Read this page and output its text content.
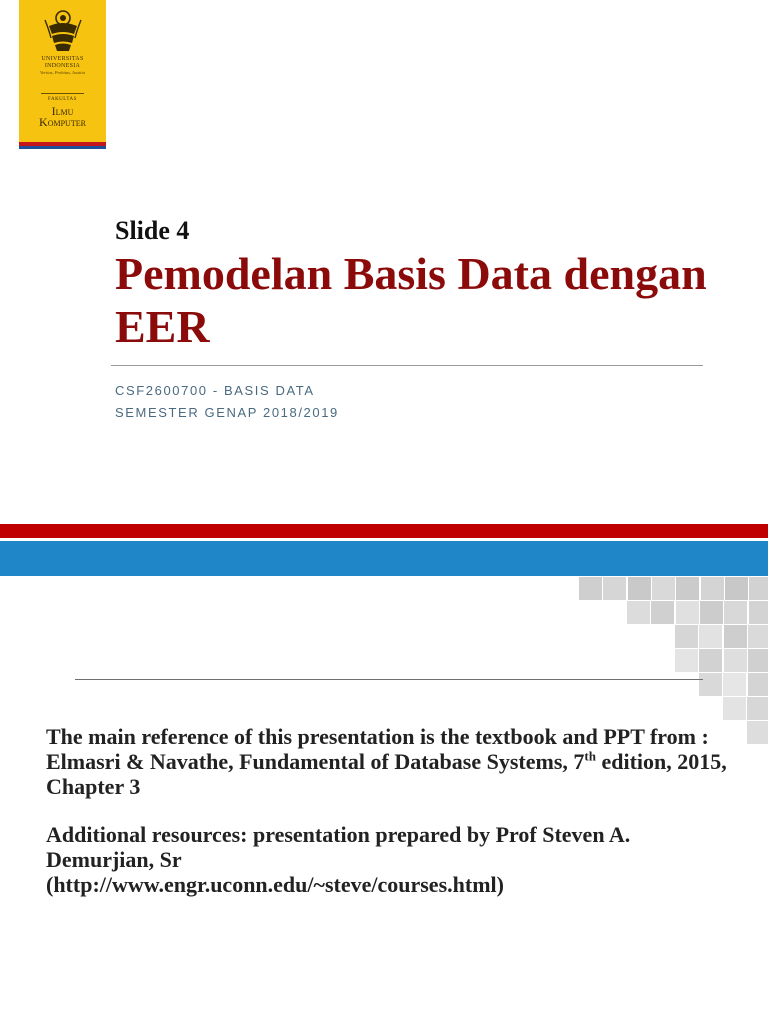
UNIVERSITAS
INDONESIA
Veritas, Probitas, Iustitia
FAKULTAS
Ilmu
Komputer
Slide 4
Pemodelan Basis Data dengan EER
CSF2600700 - BASIS DATA
SEMESTER GENAP 2018/2019

The main reference of this presentation is the textbook and PPT from : Elmasri & Navathe, Fundamental of Database Systems, 7th edition, 2015, Chapter 3

Additional resources: presentation prepared by Prof Steven A. Demurjian, Sr
(http://www.engr.uconn.edu/~steve/courses.html)
